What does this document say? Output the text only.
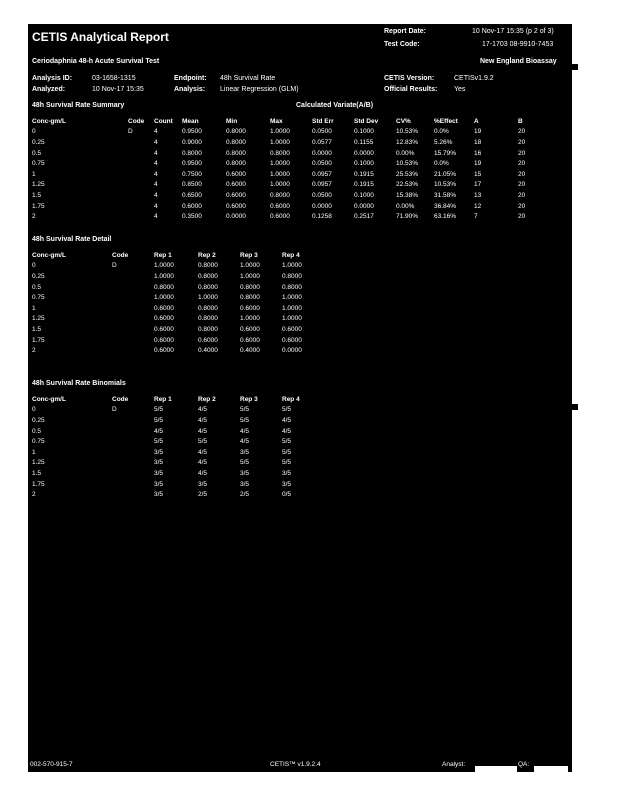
CETIS Analytical Report	Report Date:	10 Nov-17 15:35 (p 2 of 3)
Test Code:	17-1703 08-9910-7453
Ceriodaphnia 48-h Acute Survival Test	New England Bioassay
Analysis ID:	03-1658-1315	Endpoint: 48h Survival Rate	CETIS Version:	CETISv1.9.2
Analyzed:	10 Nov-17 15:35	Analysis: Linear Regression (GLM)	Official Results: Yes
48h Survival Rate Summary	Calculated Variate(A/B)
Conc-gm/L	Code	Count	Mean	Min	Max	Std Err	Std Dev	CV%	%Effect	A	B
0	D	4	0.9500	0.8000	1.0000	0.0500	0.1000	10.53%	0.0%	19	20
0.25		4	0.9000	0.8000	1.0000	0.0577	0.1155	12.83%	5.26%	18	20
0.5		4	0.8000	0.8000	0.8000	0.0000	0.0000	0.00%	15.79%	16	20
0.75		4	0.9500	0.8000	1.0000	0.0500	0.1000	10.53%	0.0%	19	20
1		4	0.7500	0.6000	1.0000	0.0957	0.1915	25.53%	21.05%	15	20
1.25		4	0.8500	0.6000	1.0000	0.0957	0.1915	22.53%	10.53%	17	20
1.5		4	0.6500	0.6000	0.8000	0.0500	0.1000	15.38%	31.58%	13	20
1.75		4	0.6000	0.6000	0.6000	0.0000	0.0000	0.00%	36.84%	12	20
2		4	0.3500	0.0000	0.6000	0.1258	0.2517	71.90%	63.16%	7	20
48h Survival Rate Detail
Conc-gm/L	Code	Rep 1	Rep 2	Rep 3	Rep 4
0	D	1.0000	0.8000	1.0000	1.0000
0.25		1.0000	0.8000	1.0000	0.8000
0.5		0.8000	0.8000	0.8000	0.8000
0.75		1.0000	1.0000	0.8000	1.0000
1		0.6000	0.8000	0.6000	1.0000
1.25		0.6000	0.8000	1.0000	1.0000
1.5		0.6000	0.8000	0.6000	0.6000
1.75		0.6000	0.6000	0.6000	0.6000
2		0.6000	0.4000	0.4000	0.0000
48h Survival Rate Binomials
Conc-gm/L	Code	Rep 1	Rep 2	Rep 3	Rep 4
0	D	5/5	4/5	5/5	5/5
0.25		5/5	4/5	5/5	4/5
0.5		4/5	4/5	4/5	4/5
0.75		5/5	5/5	4/5	5/5
1		3/5	4/5	3/5	5/5
1.25		3/5	4/5	5/5	5/5
1.5		3/5	4/5	3/5	3/5
1.75		3/5	3/5	3/5	3/5
2		3/5	2/5	2/5	0/5
002-570-915-7	CETIS™ v1.9.2.4	Analyst:	QA:
